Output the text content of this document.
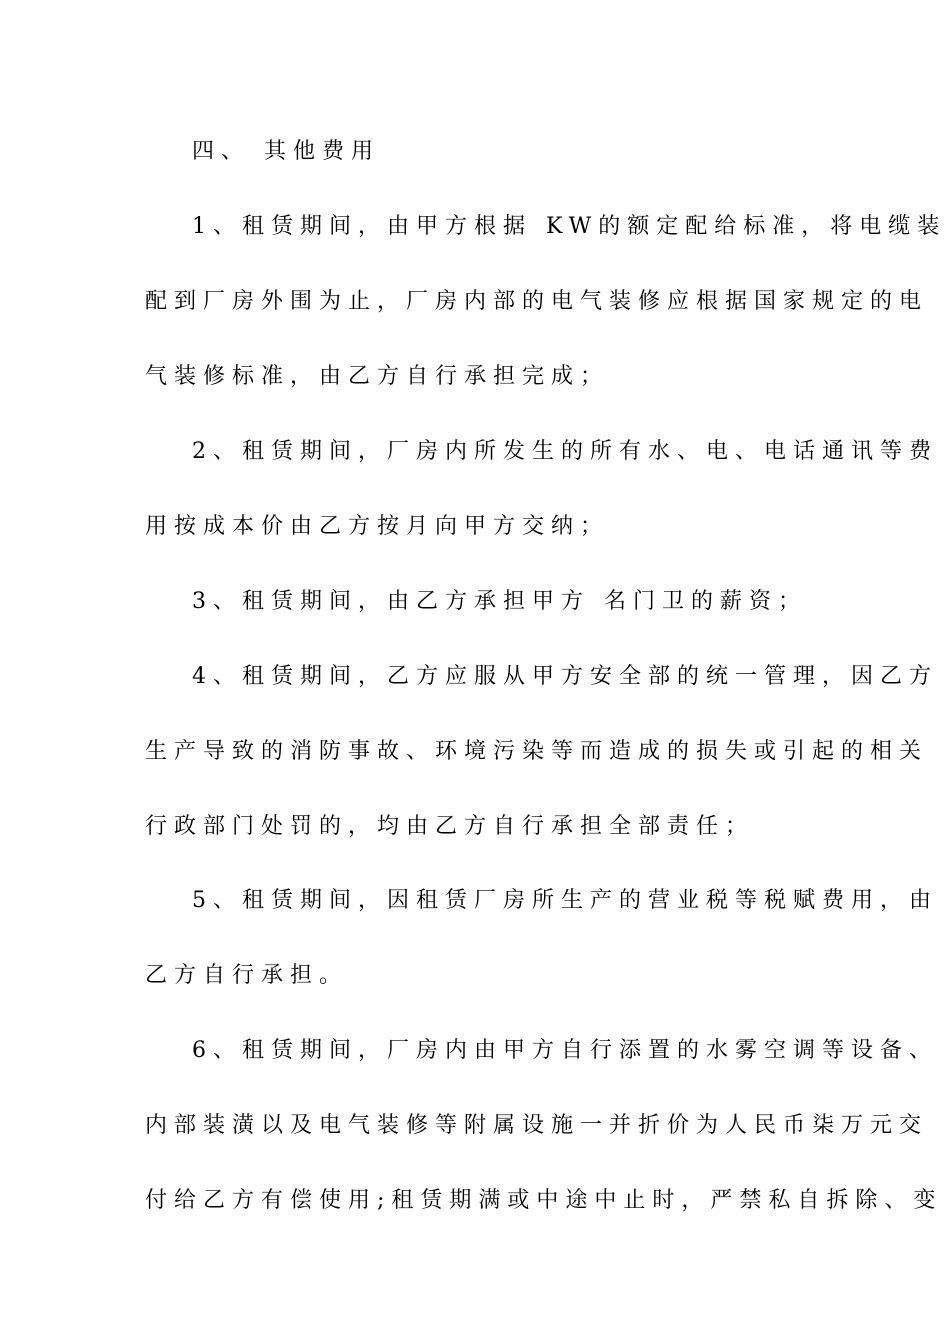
四、 其他费用
1、租赁期间，由甲方根据 KW的额定配给标准，将电缆装
配到厂房外围为止，厂房内部的电气装修应根据国家规定的电
气装修标准，由乙方自行承担完成；
2、租赁期间，厂房内所发生的所有水、电、电话通讯等费
用按成本价由乙方按月向甲方交纳；
3、租赁期间，由乙方承担甲方 名门卫的薪资；
4、租赁期间，乙方应服从甲方安全部的统一管理，因乙方
生产导致的消防事故、环境污染等而造成的损失或引起的相关
行政部门处罚的，均由乙方自行承担全部责任；
5、租赁期间，因租赁厂房所生产的营业税等税赋费用，由
乙方自行承担。
6、租赁期间，厂房内由甲方自行添置的水雾空调等设备、
内部装潢以及电气装修等附属设施一并折价为人民币柒万元交
付给乙方有偿使用;租赁期满或中途中止时，严禁私自拆除、变
